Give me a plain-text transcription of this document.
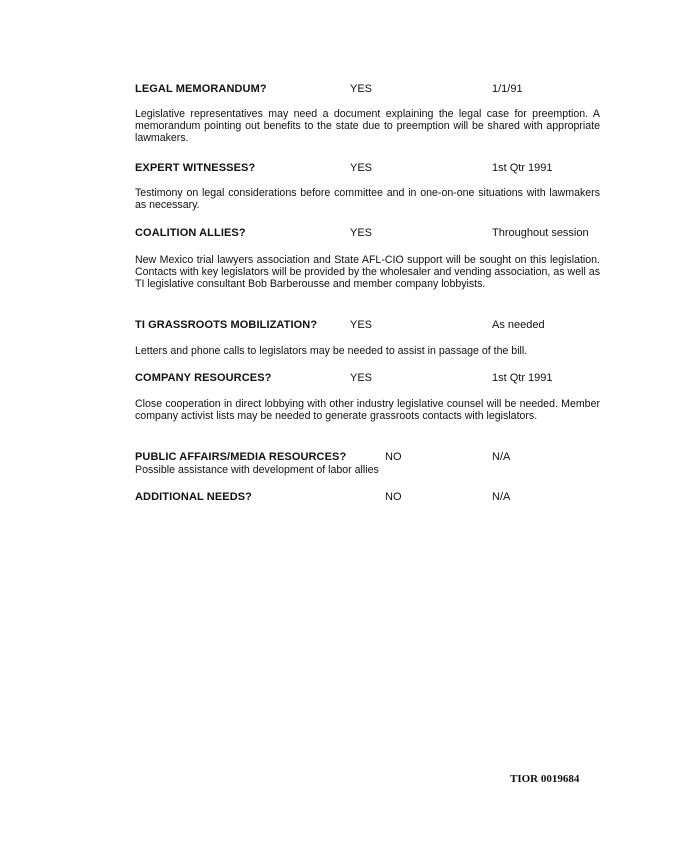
LEGAL MEMORANDUM?	YES	1/1/91

Legislative representatives may need a document explaining the legal case for preemption. A memorandum pointing out benefits to the state due to preemption will be shared with appropriate lawmakers.

EXPERT WITNESSES?	YES	1st Qtr 1991

Testimony on legal considerations before committee and in one-on-one situations with lawmakers as necessary.

COALITION ALLIES?	YES	Throughout session

New Mexico trial lawyers association and State AFL-CIO support will be sought on this legislation. Contacts with key legislators will be provided by the wholesaler and vending association, as well as TI legislative consultant Bob Barberousse and member company lobbyists.

TI GRASSROOTS MOBILIZATION?	YES	As needed

Letters and phone calls to legislators may be needed to assist in passage of the bill.

COMPANY RESOURCES?	YES	1st Qtr 1991

Close cooperation in direct lobbying with other industry legislative counsel will be needed. Member company activist lists may be needed to generate grassroots contacts with legislators.

PUBLIC AFFAIRS/MEDIA RESOURCES?	NO	N/A

Possible assistance with development of labor allies

ADDITIONAL NEEDS?	NO	N/A
TIOR 0019684
